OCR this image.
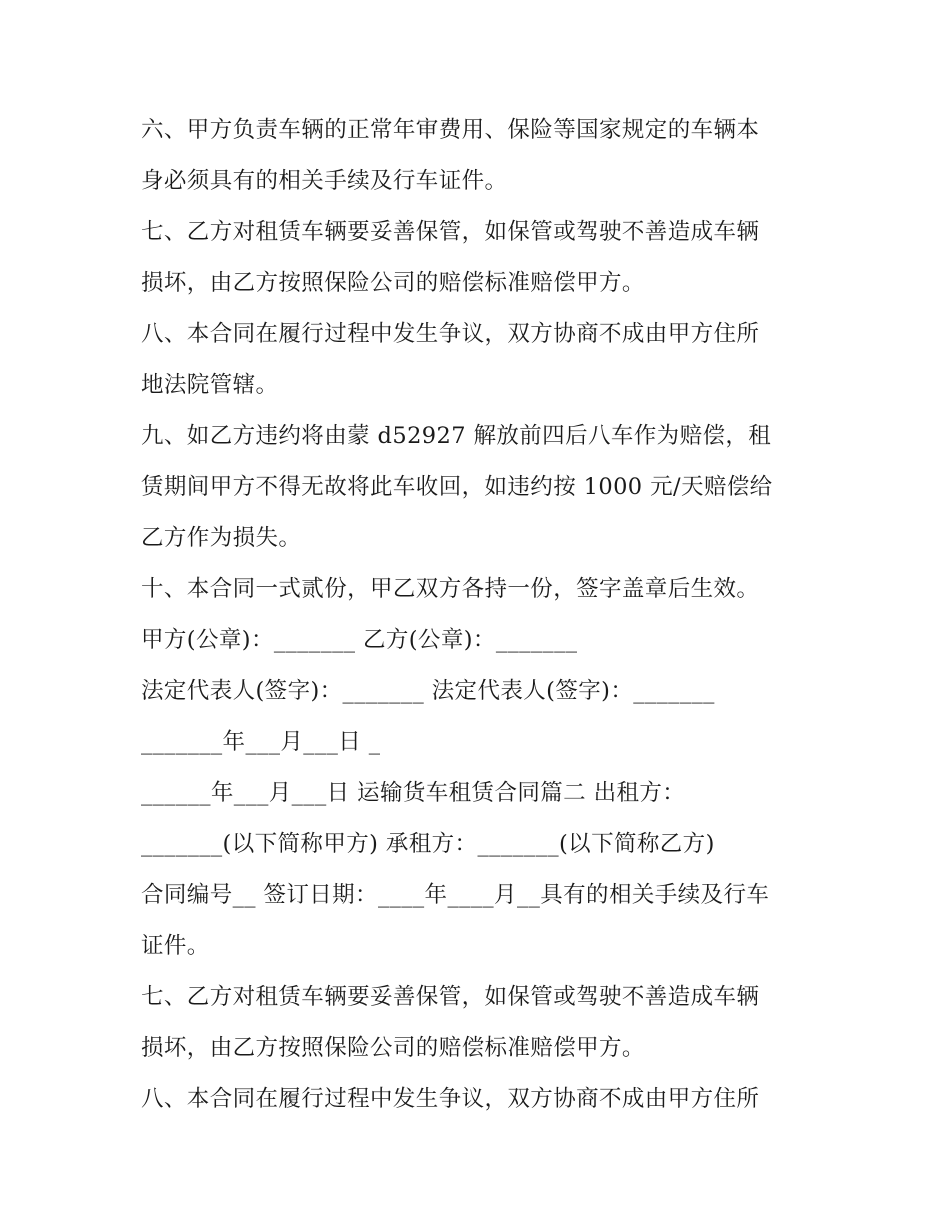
六、甲方负责车辆的正常年审费用、保险等国家规定的车辆本
身必须具有的相关手续及行车证件。
七、乙方对租赁车辆要妥善保管，如保管或驾驶不善造成车辆
损坏，由乙方按照保险公司的赔偿标准赔偿甲方。
八、本合同在履行过程中发生争议，双方协商不成由甲方住所
地法院管辖。
九、如乙方违约将由蒙 d52927 解放前四后八车作为赔偿，租
赁期间甲方不得无故将此车收回，如违约按 1000 元/天赔偿给
乙方作为损失。
十、本合同一式贰份，甲乙双方各持一份，签字盖章后生效。
甲方(公章)：_______ 乙方(公章)：_______
法定代表人(签字)：_______ 法定代表人(签字)：_______
_______年___月___日 _
______年___月___日 运输货车租赁合同篇二 出租方：
_______(以下简称甲方) 承租方：_______(以下简称乙方)
合同编号__ 签订日期：____年____月__具有的相关手续及行车
证件。
七、乙方对租赁车辆要妥善保管，如保管或驾驶不善造成车辆
损坏，由乙方按照保险公司的赔偿标准赔偿甲方。
八、本合同在履行过程中发生争议，双方协商不成由甲方住所
